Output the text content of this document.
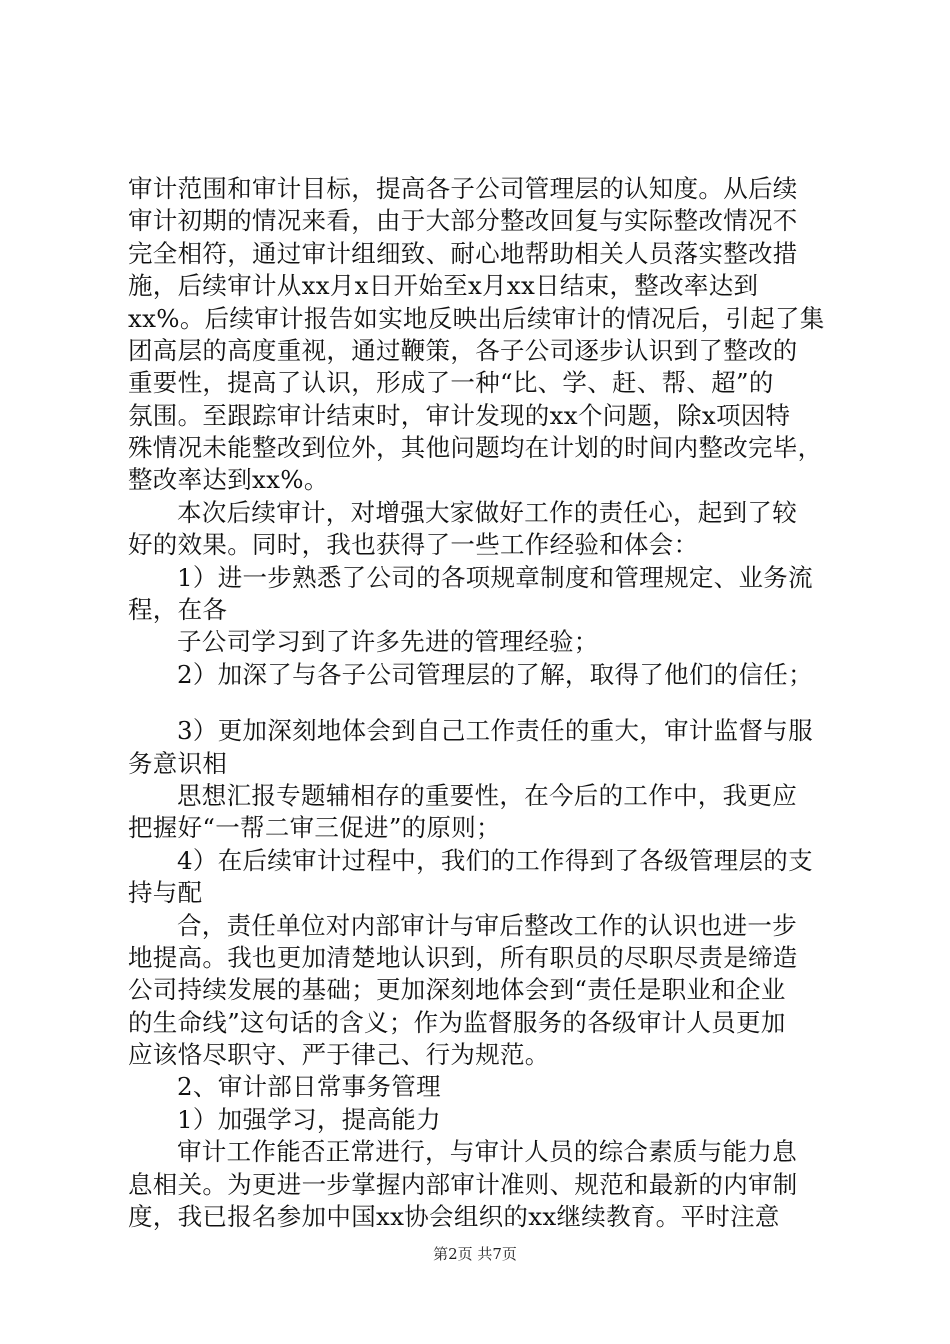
审计范围和审计目标，提高各子公司管理层的认知度。从后续
审计初期的情况来看，由于大部分整改回复与实际整改情况不
完全相符，通过审计组细致、耐心地帮助相关人员落实整改措
施，后续审计从xx月x日开始至x月xx日结束，整改率达到
xx%。后续审计报告如实地反映出后续审计的情况后，引起了集
团高层的高度重视，通过鞭策，各子公司逐步认识到了整改的
重要性，提高了认识，形成了一种“比、学、赶、帮、超”的
氛围。至跟踪审计结束时，审计发现的xx个问题，除x项因特
殊情况未能整改到位外，其他问题均在计划的时间内整改完毕，
整改率达到xx%。
本次后续审计，对增强大家做好工作的责任心，起到了较
好的效果。同时，我也获得了一些工作经验和体会：
1）进一步熟悉了公司的各项规章制度和管理规定、业务流
程，在各
子公司学习到了许多先进的管理经验；
2）加深了与各子公司管理层的了解，取得了他们的信任；
3）更加深刻地体会到自己工作责任的重大，审计监督与服
务意识相
思想汇报专题辅相存的重要性，在今后的工作中，我更应
把握好“一帮二审三促进”的原则；
4）在后续审计过程中，我们的工作得到了各级管理层的支
持与配
合，责任单位对内部审计与审后整改工作的认识也进一步
地提高。我也更加清楚地认识到，所有职员的尽职尽责是缔造
公司持续发展的基础；更加深刻地体会到“责任是职业和企业
的生命线”这句话的含义；作为监督服务的各级审计人员更加
应该恪尽职守、严于律己、行为规范。
2、审计部日常事务管理
1）加强学习，提高能力
审计工作能否正常进行，与审计人员的综合素质与能力息
息相关。为更进一步掌握内部审计准则、规范和最新的内审制
度，我已报名参加中国xx协会组织的xx继续教育。平时注意
第2页 共7页
